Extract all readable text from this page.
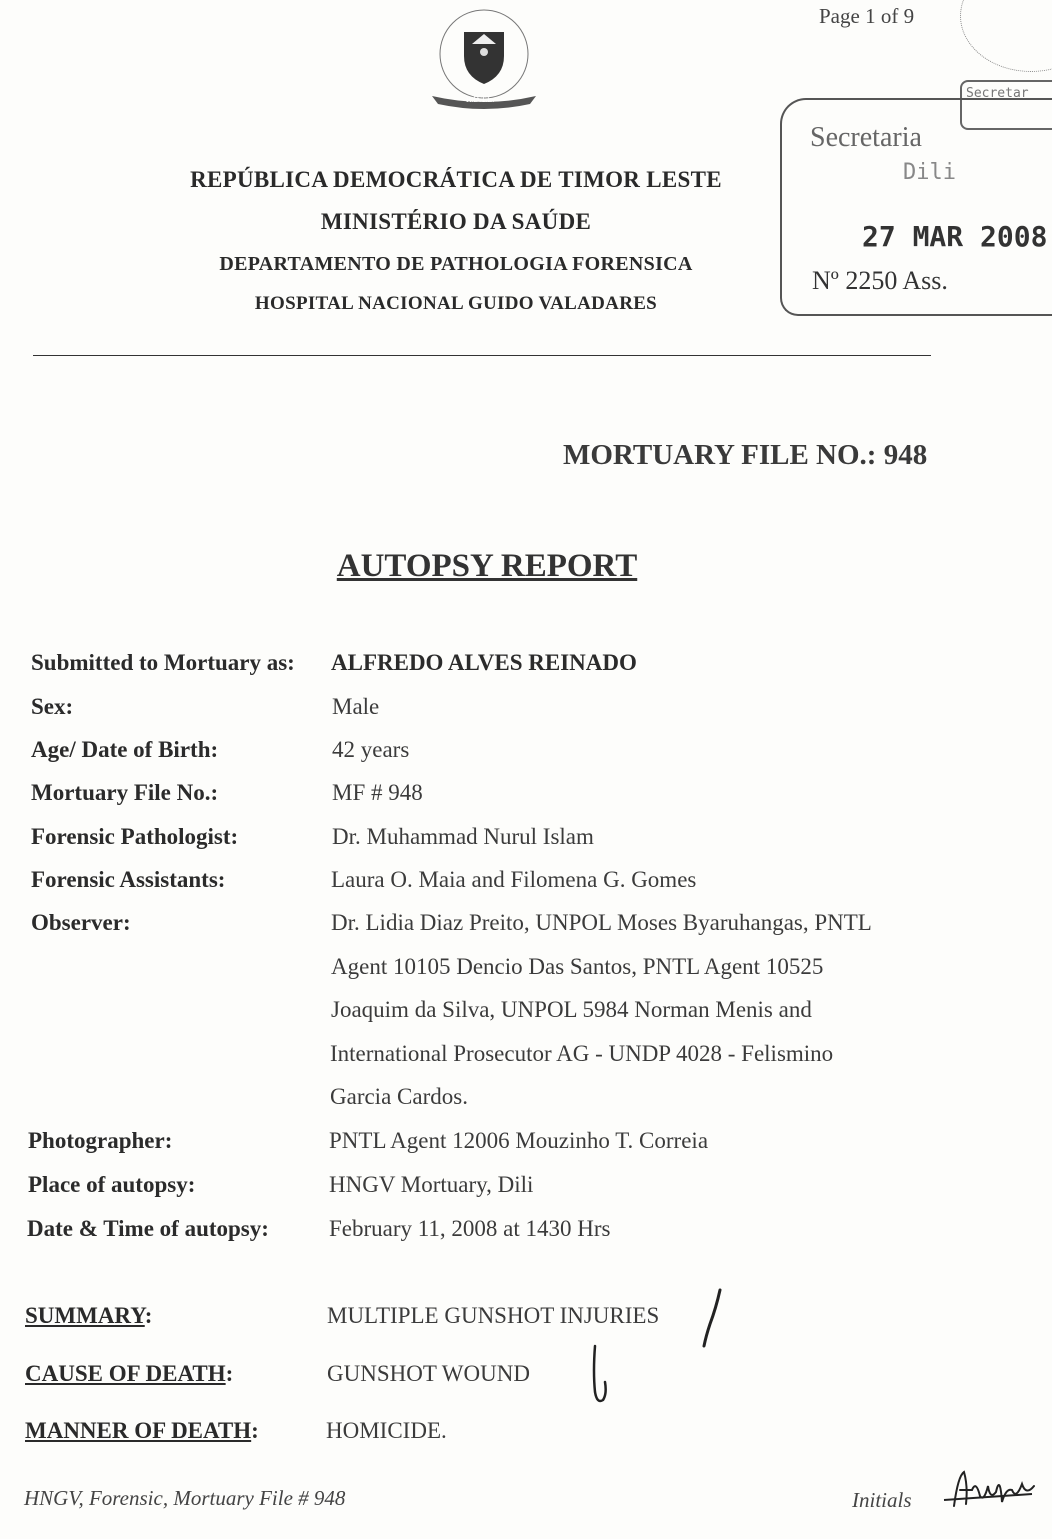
Page 1 of 9
R.D.T.L.
REPÚBLICA DEMOCRÁTICA DE TIMOR LESTE
MINISTÉRIO DA SAÚDE
DEPARTAMENTO DE PATHOLOGIA FORENSICA
HOSPITAL NACIONAL GUIDO VALADARES
Secretar
Secretaria
Dili
27 MAR 2008
Nº 2250 Ass.
MORTUARY FILE NO.: 948
AUTOPSY REPORT
Submitted to Mortuary as: ALFREDO ALVES REINADO
Sex:	Male
Age/ Date of Birth:	42 years
Mortuary File No.:	MF # 948
Forensic Pathologist:	Dr. Muhammad Nurul Islam
Forensic Assistants:	Laura O. Maia and Filomena G. Gomes
Observer:	Dr. Lidia Diaz Preito, UNPOL Moses Byaruhangas, PNTL
Agent 10105 Dencio Das Santos, PNTL Agent 10525
Joaquim da Silva, UNPOL 5984 Norman Menis and
International Prosecutor AG - UNDP 4028 - Felismino
Garcia Cardos.
Photographer:	PNTL Agent 12006 Mouzinho T. Correia
Place of autopsy:	HNGV Mortuary, Dili
Date & Time of autopsy:	February 11, 2008 at 1430 Hrs
SUMMARY:	MULTIPLE GUNSHOT INJURIES
CAUSE OF DEATH:	GUNSHOT WOUND
MANNER OF DEATH:	HOMICIDE.
HNGV, Forensic, Mortuary File # 948	Initials
